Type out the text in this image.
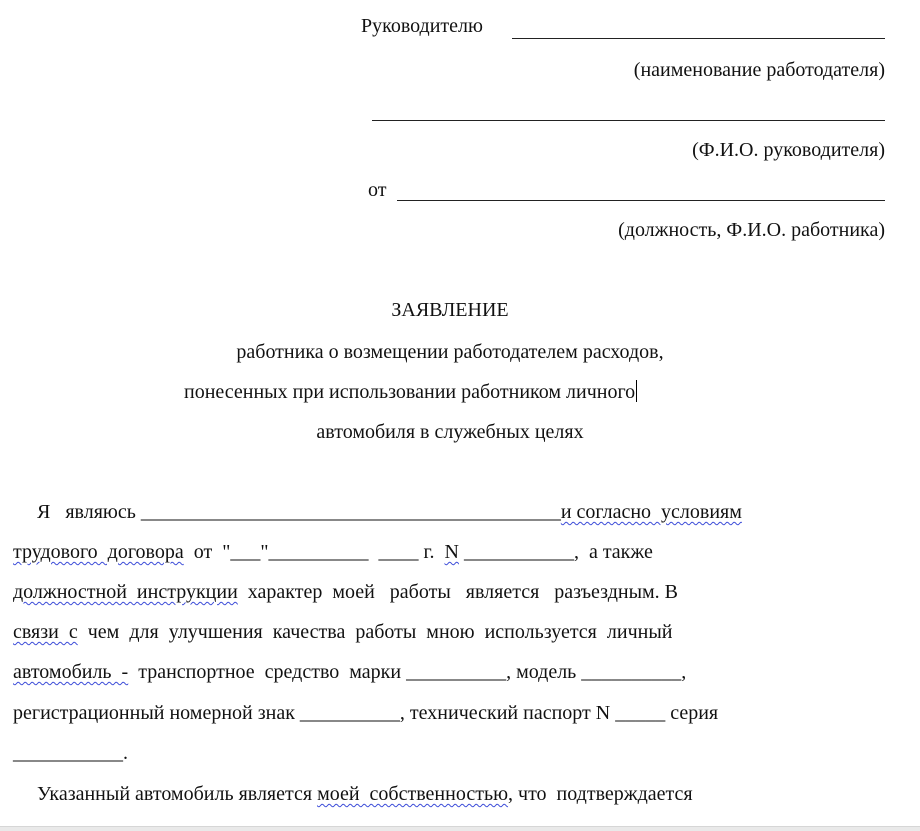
Руководителю
(наименование работодателя)
(Ф.И.О. руководителя)
от
(должность, Ф.И.О. работника)
ЗАЯВЛЕНИЕ
работника о возмещении работодателем расходов,
понесенных при использовании работником личного
автомобиля в служебных целях
Я   являюсь __________________________________________и согласно  условиям
трудового  договора  от  "___"__________  ____ г.  N ___________,  а также
должностной  инструкции  характер  моей   работы   является   разъездным. В
связи  с  чем  для  улучшения  качества  работы  мною  используется  личный
автомобиль  -  транспортное  средство  марки __________, модель __________,
регистрационный номерной знак __________, технический паспорт N _____ серия
___________.
Указанный автомобиль является моей  собственностью, что  подтверждается
